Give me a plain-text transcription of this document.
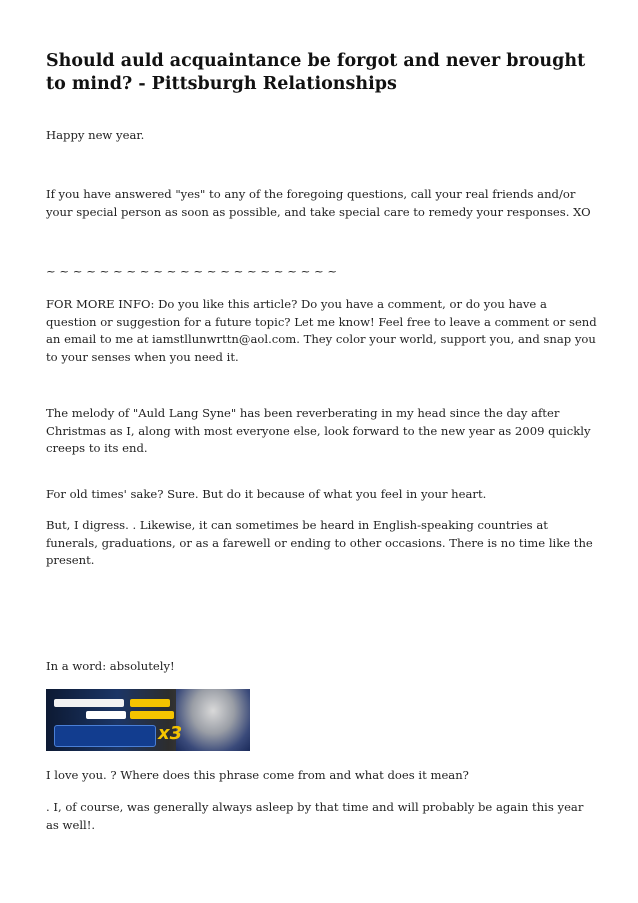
Should auld acquaintance be forgot and never brought to mind? - Pittsburgh Relationships

Happy new year.

If you have answered "yes" to any of the foregoing questions, call your real friends and/or your special person as soon as possible, and take special care to remedy your responses. XO

~ ~ ~ ~ ~ ~ ~ ~ ~ ~ ~ ~ ~ ~ ~ ~ ~ ~ ~ ~ ~ ~

FOR MORE INFO: Do you like this article? Do you have a comment, or do you have a question or suggestion for a future topic? Let me know! Feel free to leave a comment or send an email to me at iamstllunwrttn@aol.com. They color your world, support you, and snap you to your senses when you need it.

The melody of "Auld Lang Syne" has been reverberating in my head since the day after Christmas as I, along with most everyone else, look forward to the new year as 2009 quickly creeps to its end.

For old times' sake? Sure. But do it because of what you feel in your heart.

But, I digress. . Likewise, it can sometimes be heard in English-speaking countries at funerals, graduations, or as a farewell or ending to other occasions. There is no time like the present.

In a word: absolutely!

x3

I love you. ? Where does this phrase come from and what does it mean?

. I, of course, was generally always asleep by that time and will probably be again this year as well!.
